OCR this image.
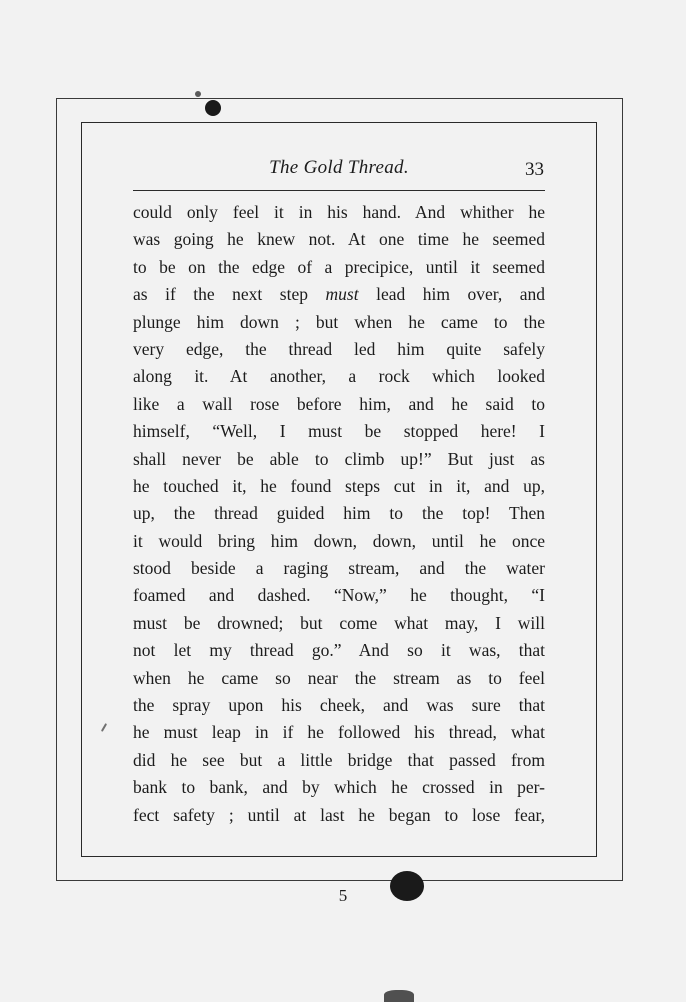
The Gold Thread.	33
could only feel it in his hand. And whither he
was going he knew not. At one time he seemed
to be on the edge of a precipice, until it seemed
as if the next step must lead him over, and
plunge him down ; but when he came to the
very edge, the thread led him quite safely
along it. At another, a rock which looked
like a wall rose before him, and he said to
himself, “Well, I must be stopped here! I
shall never be able to climb up!” But just as
he touched it, he found steps cut in it, and up,
up, the thread guided him to the top! Then
it would bring him down, down, until he once
stood beside a raging stream, and the water
foamed and dashed. “Now,” he thought, “I
must be drowned; but come what may, I will
not let my thread go.” And so it was, that
when he came so near the stream as to feel
the spray upon his cheek, and was sure that
he must leap in if he followed his thread, what
did he see but a little bridge that passed from
bank to bank, and by which he crossed in per-
fect safety ; until at last he began to lose fear,
5
